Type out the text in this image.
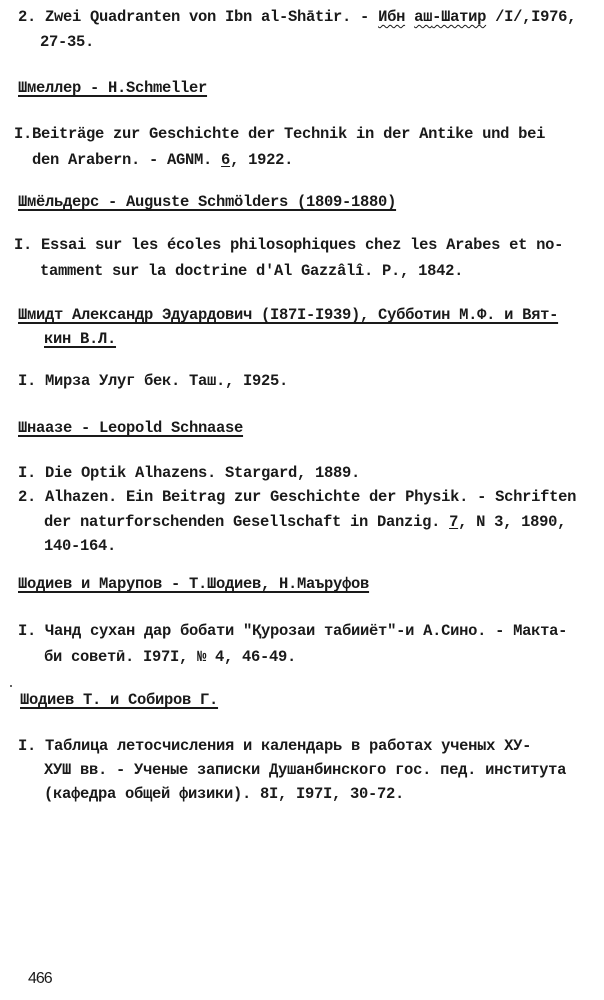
2. Zwei Quadranten von Ibn al-Shātir. - Ибн аш-Шатир /I/,I976,
27-35.
Шмеллер - H.Schmeller
I.Beiträge zur Geschichte der Technik in der Antike und bei
den Arabern. - AGNM. 6, 1922.
Шмёльдерс - Auguste Schmölders (1809-1880)
I. Essai sur les écoles philosophiques chez les Arabes et no-
tamment sur la doctrine d'Al Gazzâlî. P., 1842.
Шмидт Александр Эдуардович (I87I-I939), Субботин М.Ф. и Вят-
кин В.Л.
I. Мирза Улуг бек. Таш., I925.
Шнаазе - Leopold Schnaase
I. Die Optik Alhazens. Stargard, 1889.
2. Alhazen. Ein Beitrag zur Geschichte der Physik. - Schriften
der naturforschenden Gesellschaft in Danzig. 7, N 3, 1890,
140-164.
Шодиев и Марупов - Т.Шодиев, Н.Маъруфов
I. Чанд сухан дар бобати "Қурозаи табииёт"-и А.Сино. - Макта-
би советӣ. I97I, № 4, 46-49.
Шодиев Т. и Собиров Г.
I. Таблица летосчисления и календарь в работах ученых ХУ-
ХУШ вв. - Ученые записки Душанбинского гос. пед. института
(кафедра общей физики). 8I, I97I, 30-72.
466
